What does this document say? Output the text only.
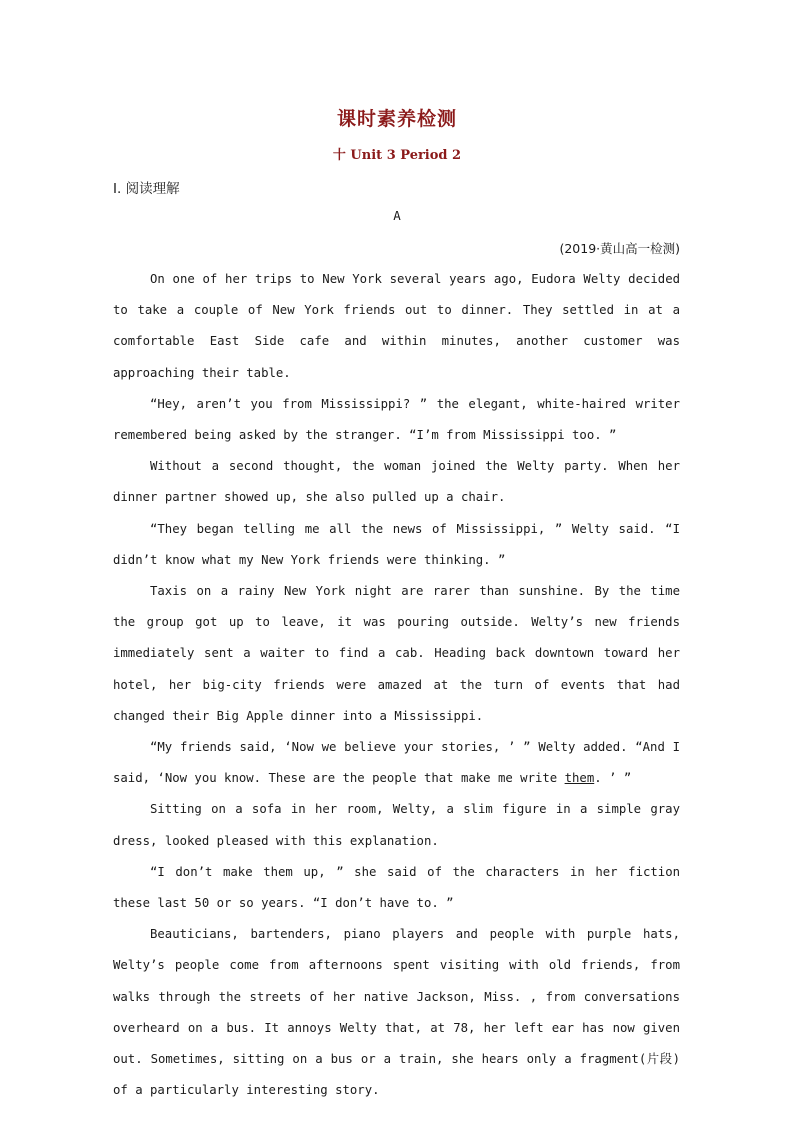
课时素养检测
十 Unit 3 Period 2
Ⅰ. 阅读理解
A
(2019·黄山高一检测)

On one of her trips to New York several years ago, Eudora Welty decided to take a couple of New York friends out to dinner. They settled in at a comfortable East Side cafe and within minutes, another customer was approaching their table.

“Hey, aren’t you from Mississippi? ” the elegant, white-haired writer remembered being asked by the stranger. “I’m from Mississippi too. ”

Without a second thought, the woman joined the Welty party. When her dinner partner showed up, she also pulled up a chair.

“They began telling me all the news of Mississippi, ” Welty said. “I didn’t know what my New York friends were thinking. ”

Taxis on a rainy New York night are rarer than sunshine. By the time the group got up to leave, it was pouring outside. Welty’s new friends immediately sent a waiter to find a cab. Heading back downtown toward her hotel, her big-city friends were amazed at the turn of events that had changed their Big Apple dinner into a Mississippi.

“My friends said, ‘Now we believe your stories, ’ ” Welty added. “And I said, ‘Now you know. These are the people that make me write them. ’ ”

Sitting on a sofa in her room, Welty, a slim figure in a simple gray dress, looked pleased with this explanation.

“I don’t make them up, ” she said of the characters in her fiction these last 50 or so years. “I don’t have to. ”

Beauticians, bartenders, piano players and people with purple hats, Welty’s people come from afternoons spent visiting with old friends, from walks through the streets of her native Jackson, Miss. , from conversations overheard on a bus. It annoys Welty that, at 78, her left ear has now given out. Sometimes, sitting on a bus or a train, she hears only a fragment(片段) of a particularly interesting story.
